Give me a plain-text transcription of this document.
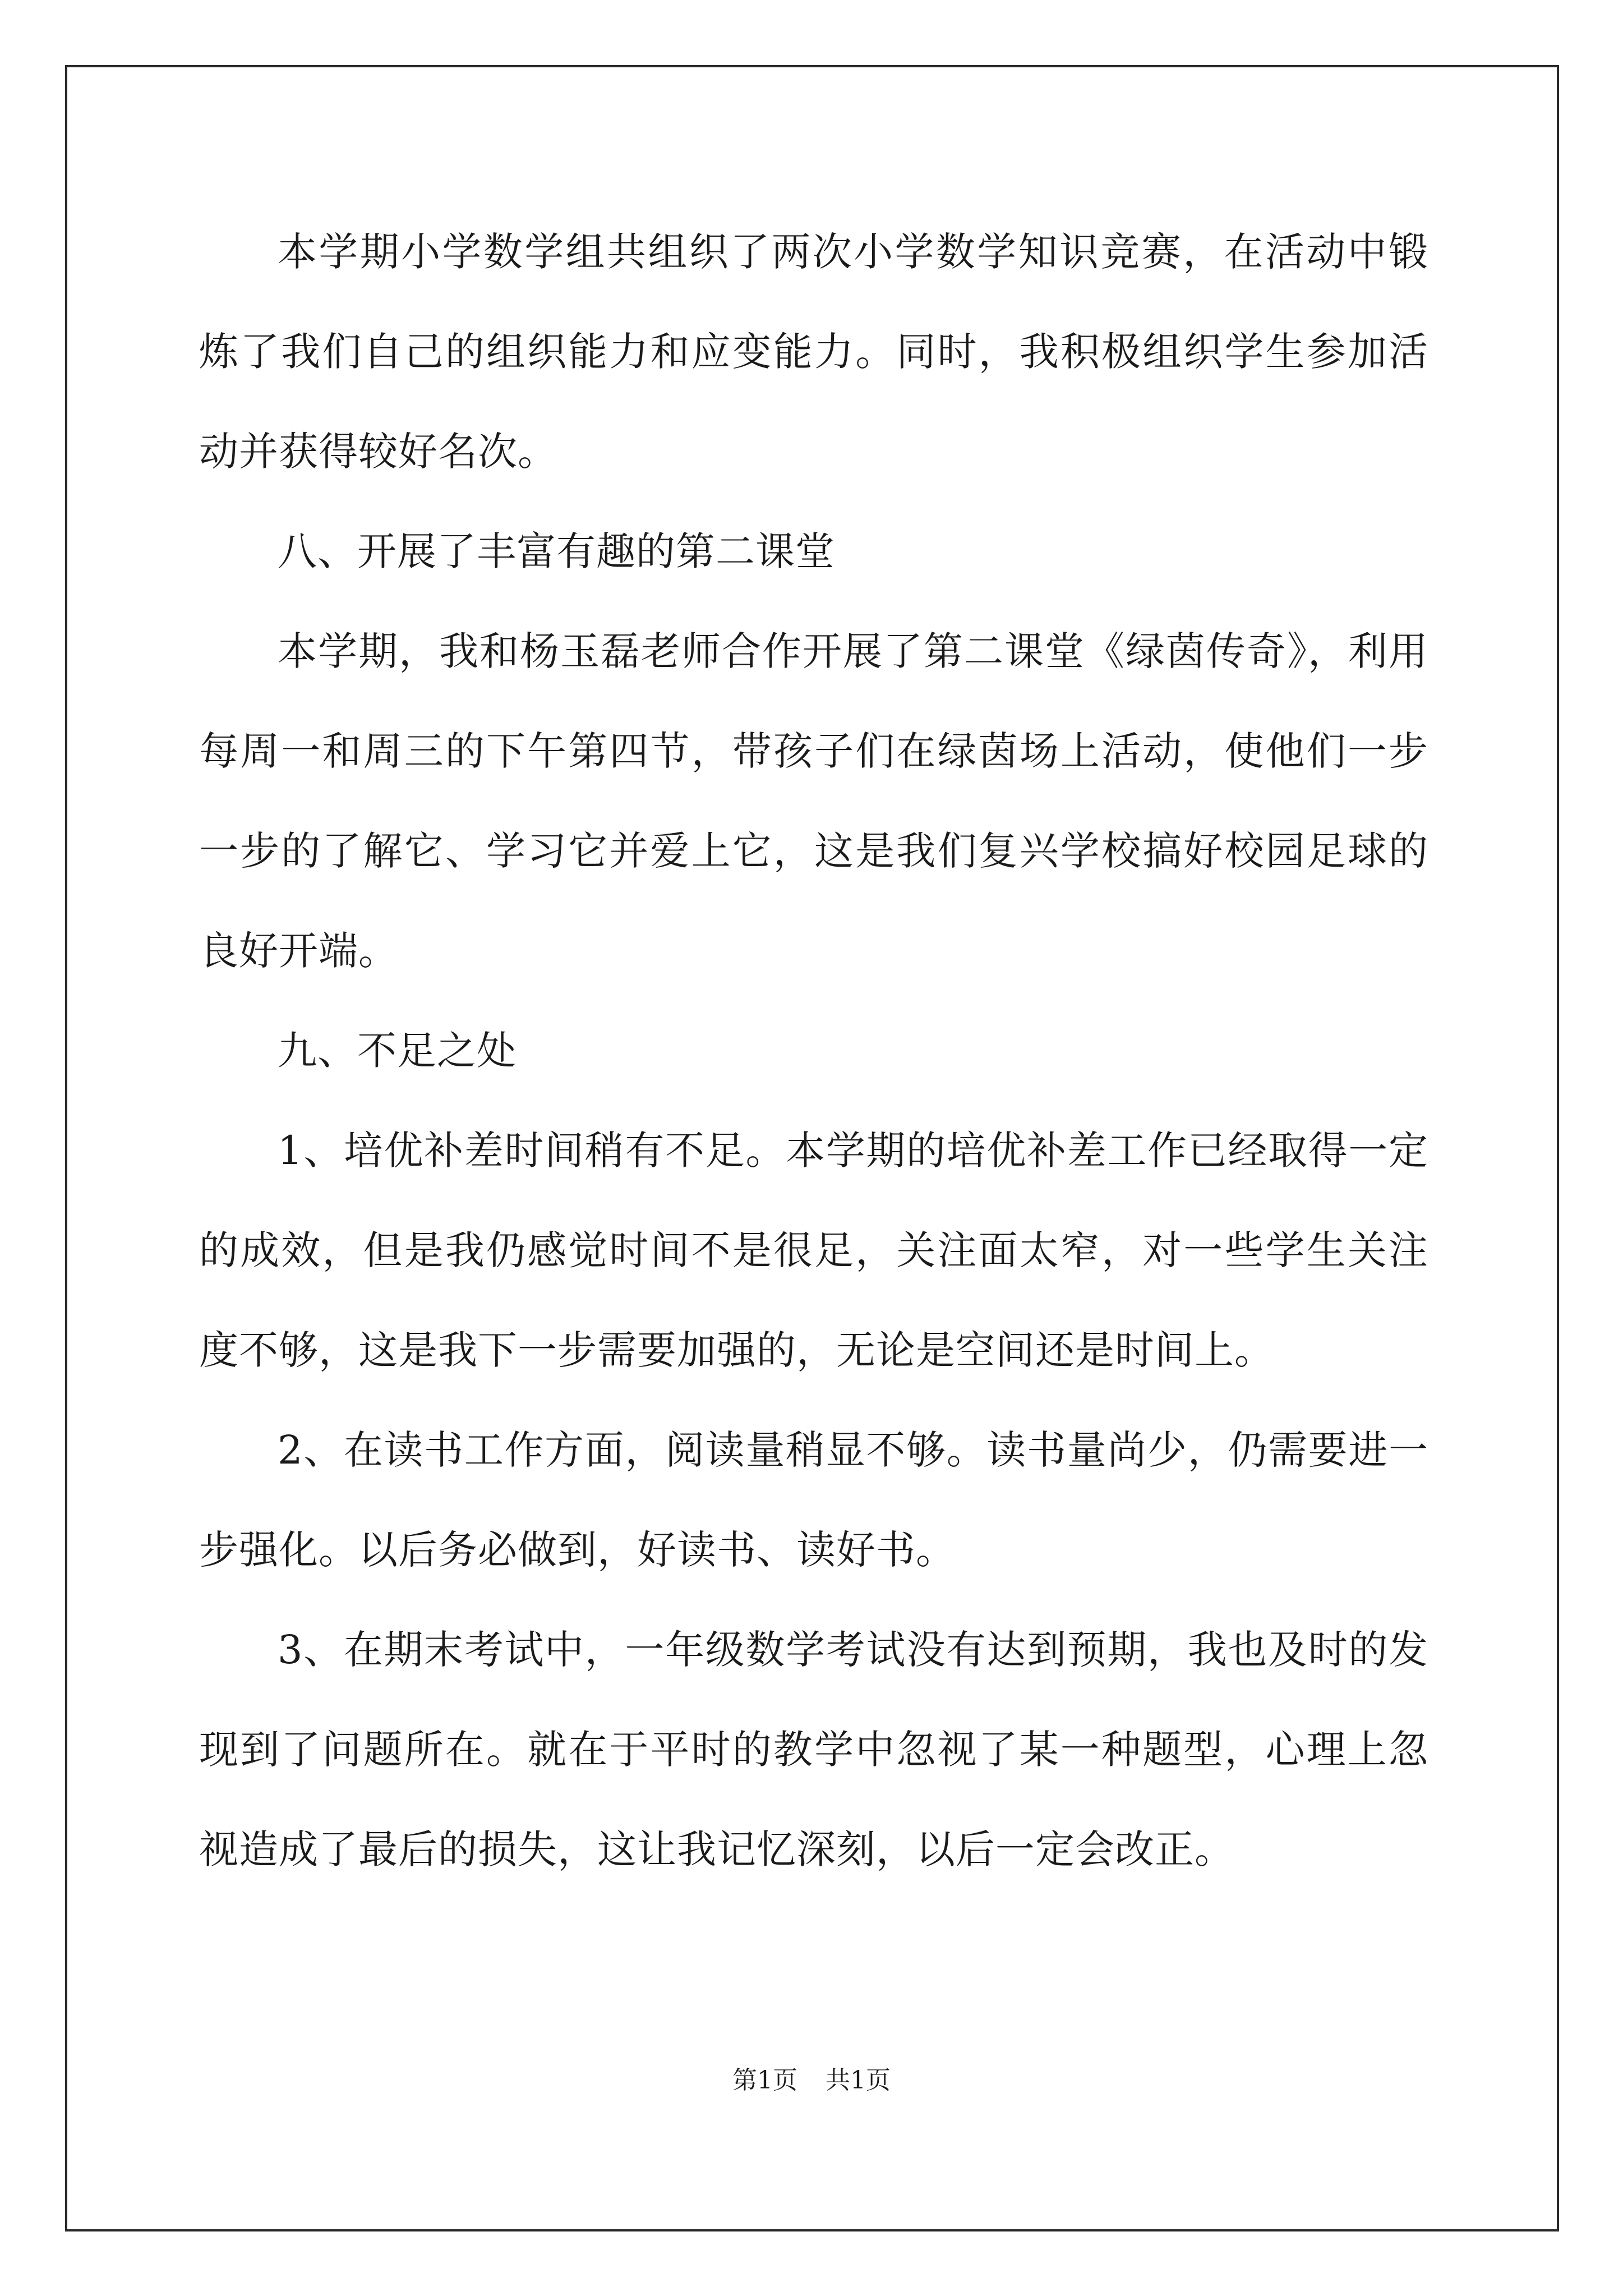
本学期小学数学组共组织了两次小学数学知识竞赛，在活动中锻炼了我们自己的组织能力和应变能力。同时，我积极组织学生参加活动并获得较好名次。

八、开展了丰富有趣的第二课堂

本学期，我和杨玉磊老师合作开展了第二课堂《绿茵传奇》，利用每周一和周三的下午第四节，带孩子们在绿茵场上活动，使他们一步一步的了解它、学习它并爱上它，这是我们复兴学校搞好校园足球的良好开端。

九、不足之处

1、培优补差时间稍有不足。本学期的培优补差工作已经取得一定的成效，但是我仍感觉时间不是很足，关注面太窄，对一些学生关注度不够，这是我下一步需要加强的，无论是空间还是时间上。

2、在读书工作方面，阅读量稍显不够。读书量尚少，仍需要进一步强化。以后务必做到，好读书、读好书。

3、在期末考试中，一年级数学考试没有达到预期，我也及时的发现到了问题所在。就在于平时的教学中忽视了某一种题型，心理上忽视造成了最后的损失，这让我记忆深刻，以后一定会改正。

第1页 共1页
